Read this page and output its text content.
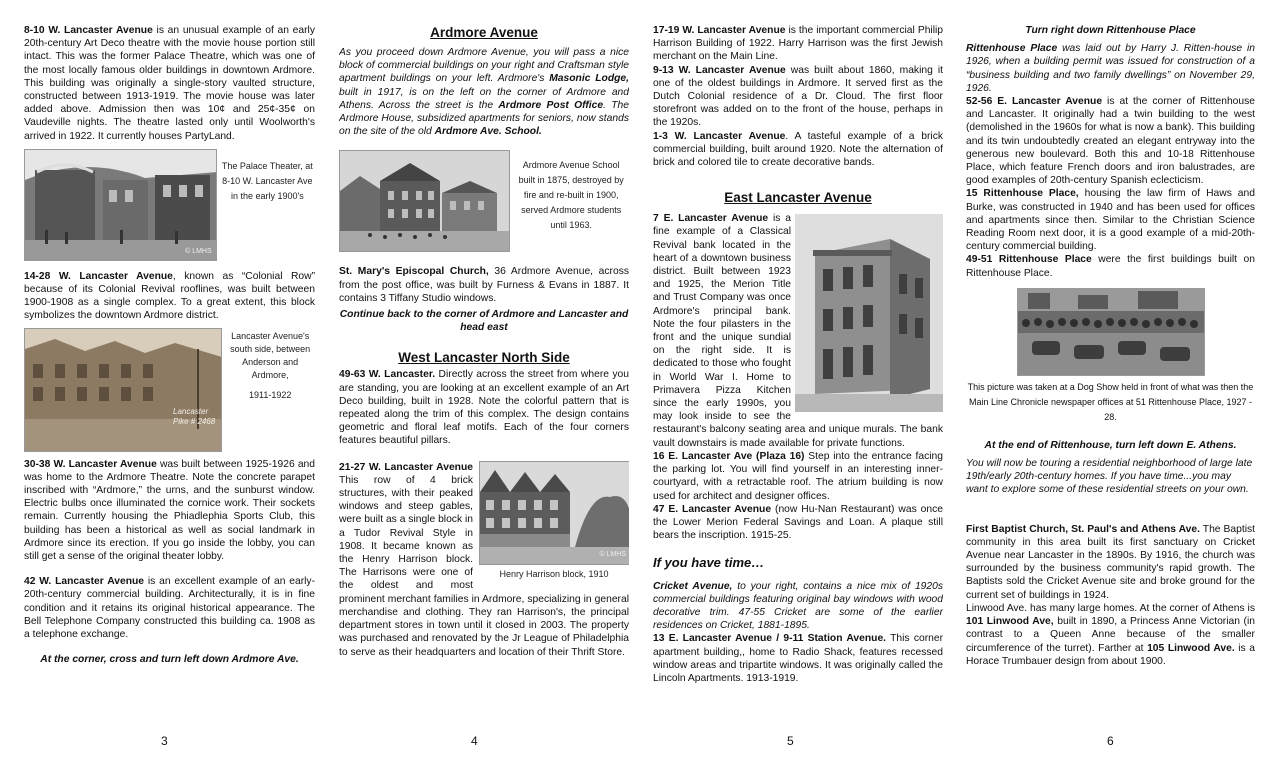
8-10 W. Lancaster Avenue is an unusual example of an early 20th-century Art Deco theatre with the movie house portion still intact. This was the former Palace Theatre, which was one of the most locally famous older buildings in downtown Ardmore. This building was originally a single-story vaulted structure, constructed between 1913-1919. The movie house was later added above. Admission then was 10¢ and 25¢-35¢ on Vaudeville nights. The theatre lasted only until Woolworth's arrived in 1922. It currently houses PartyLand.

© LMHS
The Palace Theater, at 8-10 W. Lancaster Ave in the early 1900's

14-28 W. Lancaster Avenue, known as “Colonial Row” because of its Colonial Revival rooflines, was built between 1900-1908 as a single complex. To a great extent, this block symbolizes the downtown Ardmore district.

Lancaster Pike # 2468
Lancaster Avenue's south side, between Anderson and Ardmore,
1911-1922

30-38 W. Lancaster Avenue was built between 1925-1926 and was home to the Ardmore Theatre. Note the concrete parapet inscribed with “Ardmore,” the urns, and the sunburst window. Electric bulbs once illuminated the cornice work. Their sockets remain. Currently housing the Phiadlephia Sports Club, this building has been a historical as well as social landmark in Ardmore since its erection. If you go inside the lobby, you can still get a sense of the original theater lobby.

42 W. Lancaster Avenue is an excellent example of an early-20th-century commercial building. Architecturally, it is in fine condition and it retains its original historical appearance. The Bell Telephone Company constructed this building ca. 1908 as a telephone exchange.

At the corner, cross and turn left down Ardmore Ave.

3
Ardmore Avenue

As you proceed down Ardmore Avenue, you will pass a nice block of commercial buildings on your right and Craftsman style apartment buildings on your left. Ardmore's Masonic Lodge, built in 1917, is on the left on the corner of Ardmore and Athens. Across the street is the Ardmore Post Office. The Ardmore House, subsidized apartments for seniors, now stands on the site of the old Ardmore Ave. School.

Ardmore Avenue School built in 1875, destroyed by fire and re-built in 1900, served Ardmore students until 1963.

St. Mary's Episcopal Church, 36 Ardmore Avenue, across from the post office, was built by Furness & Evans in 1887. It contains 3 Tiffany Studio windows.

Continue back to the corner of Ardmore and Lancaster and head east

West Lancaster North Side

49-63 W. Lancaster. Directly across the street from where you are standing, you are looking at an excellent example of an Art Deco building, built in 1928. Note the colorful pattern that is repeated along the trim of this complex. The design contains geometric and floral leaf motifs. Each of the four corners features beautiful pillars.

© LMHS
Henry Harrison block, 1910
21-27 W. Lancaster Avenue This row of 4 brick structures, with their peaked windows and steep gables, were built as a single block in a Tudor Revival Style in 1908. It became known as the Henry Harrison block. The Harrisons were one of the oldest and most prominent merchant families in Ardmore, specializing in general merchandise and clothing. They ran Harrison's, the principal department stores in town until it closed in 2003. The property was purchased and renovated by the Jr League of Philadelphia to serve as their headquarters and location of their Thrift Store.

4

17-19 W. Lancaster Avenue is the important commercial Philip Harrison Building of 1922. Harry Harrison was the first Jewish merchant on the Main Line.

9-13 W. Lancaster Avenue was built about 1860, making it one of the oldest buildings in Ardmore. It served first as the Dutch Colonial residence of a Dr. Cloud. The first floor storefront was added on to the front of the house, perhaps in the 1920s.

1-3 W. Lancaster Avenue. A tasteful example of a brick commercial building, built around 1920. Note the alternation of brick and colored tile to create decorative bands.

East Lancaster Avenue

7 E. Lancaster Avenue is a fine example of a Classical Revival bank located in the heart of a downtown business district. Built between 1923 and 1925, the Merion Title and Trust Company was once Ardmore's principal bank. Note the four pilasters in the front and the unique sundial on the right side. It is dedicated to those who fought in World War I. Home to Primavera Pizza Kitchen since the early 1990s, you may look inside to see the restaurant's balcony seating area and unique murals. The bank vault downstairs is made available for private functions.

16 E. Lancaster Ave (Plaza 16) Step into the entrance facing the parking lot. You will find yourself in an interesting inner-courtyard, with a retractable roof. The atrium building is now used for architect and designer offices.

47 E. Lancaster Avenue (now Hu-Nan Restaurant) was once the Lower Merion Federal Savings and Loan. A plaque still bears the inscription. 1915-25.

If you have time…

Cricket Avenue, to your right, contains a nice mix of 1920s commercial buildings featuring original bay windows with wood decorative trim. 47-55 Cricket are some of the earlier residences on Cricket, 1881-1895.

13 E. Lancaster Avenue / 9-11 Station Avenue. This corner apartment building,, home to Radio Shack, features recessed window areas and tripartite windows. It was originally called the Lincoln Apartments. 1913-1919.

5
Turn right down Rittenhouse Place

Rittenhouse Place was laid out by Harry J. Ritten-house in 1926, when a building permit was issued for construction of a “business building and two family dwellings” on November 29, 1926.

52-56 E. Lancaster Avenue is at the corner of Rittenhouse and Lancaster. It originally had a twin building to the west (demolished in the 1960s for what is now a bank). This building and its twin undoubtedly created an elegant entryway into the generous new boulevard. Both this and 10-18 Rittenhouse Place, which feature French doors and iron balustrades, are good examples of 20th-century Spanish eclecticism.

15 Rittenhouse Place, housing the law firm of Haws and Burke, was constructed in 1940 and has been used for offices and apartments since then. Similar to the Christian Science Reading Room next door, it is a good example of a mid-20th-century commercial building.

49-51 Rittenhouse Place were the first buildings built on Rittenhouse Place.

This picture was taken at a Dog Show held in front of what was then the Main Line Chronicle newspaper offices at 51 Rittenhouse Place, 1927 - 28.
At the end of Rittenhouse, turn left down E. Athens.

You will now be touring a residential neighborhood of large late 19th/early 20th-century homes. If you have time...you may want to explore some of these residential streets on your own.

First Baptist Church, St. Paul's and Athens Ave. The Baptist community in this area built its first sanctuary on Cricket Avenue near Lancaster in the 1890s. By 1916, the church was surrounded by the business community's rapid growth. The Baptists sold the Cricket Avenue site and broke ground for the current set of buildings in 1924.

Linwood Ave. has many large homes. At the corner of Athens is 101 Linwood Ave, built in 1890, a Princess Anne Victorian (in contrast to a Queen Anne because of the smaller circumference of the turret). Farther at 105 Linwood Ave. is a Horace Trumbauer design from about 1900.

6
